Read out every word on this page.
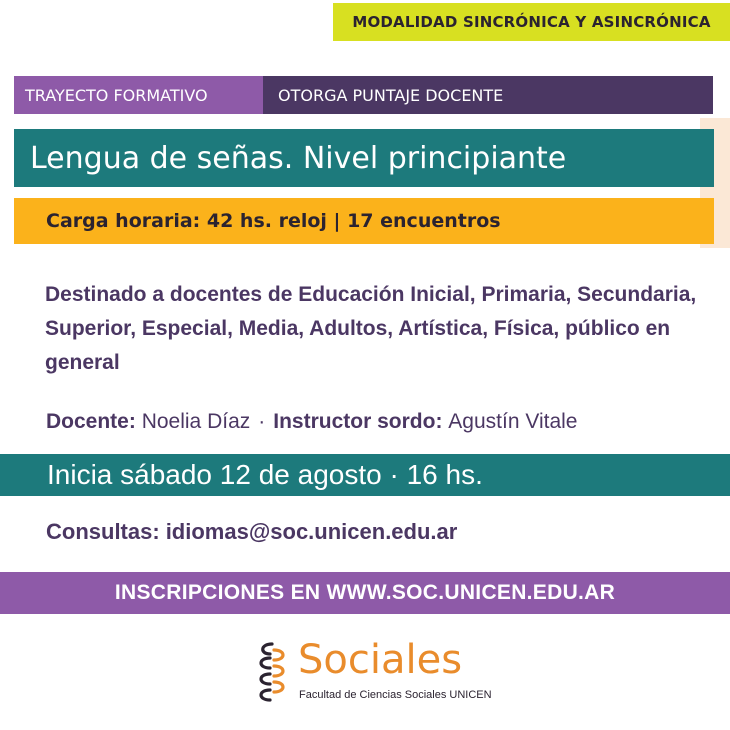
MODALIDAD SINCRÓNICA Y ASINCRÓNICA
TRAYECTO FORMATIVO	OTORGA PUNTAJE DOCENTE
Lengua de señas. Nivel principiante
Carga horaria: 42 hs. reloj | 17 encuentros
Destinado a docentes de Educación Inicial, Primaria, Secundaria, Superior, Especial, Media, Adultos, Artística, Física, público en general
Docente:
Noelia Díaz · Instructor sordo:
Agustín Vitale
Inicia sábado 12 de agosto · 16 hs.
Consultas: idiomas@soc.unicen.edu.ar
INSCRIPCIONES EN WWW.SOC.UNICEN.EDU.AR
Sociales
Facultad de Ciencias Sociales UNICEN
